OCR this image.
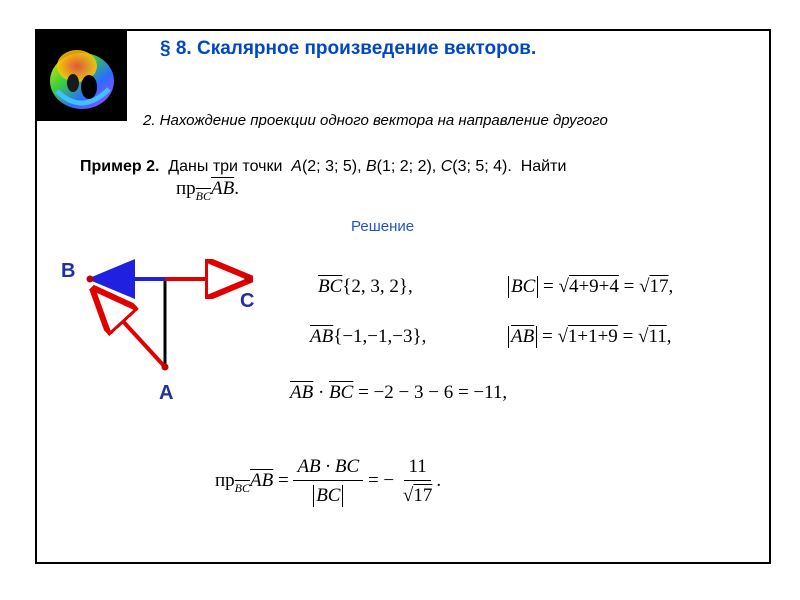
§ 8. Скалярное произведение векторов.
2. Нахождение проекции одного вектора на направление другого
Пример 2. Даны три точки A(2; 3; 5), B(1; 2; 2), C(3; 5; 4). Найти
$пр_{\overline{BC}}\overline{AB}$.
Решение
B
C
A
$\overline{BC}\{2$, 3, 2},	BC = √ 4+9+4 = √ 17,
$\overline{AB}\{-1,-1,-3\}$,	$\overline{AB}$ = √ 1+1+9 = √ 11,
$\overline{AB} \cdot \overline{BC} = -2 - 3 - 6 = -11$,
$пр_{\overline{BC}}\overline{AB} = \frac{AB \cdot BC}{BC}$ = − 11
√ 17 .
